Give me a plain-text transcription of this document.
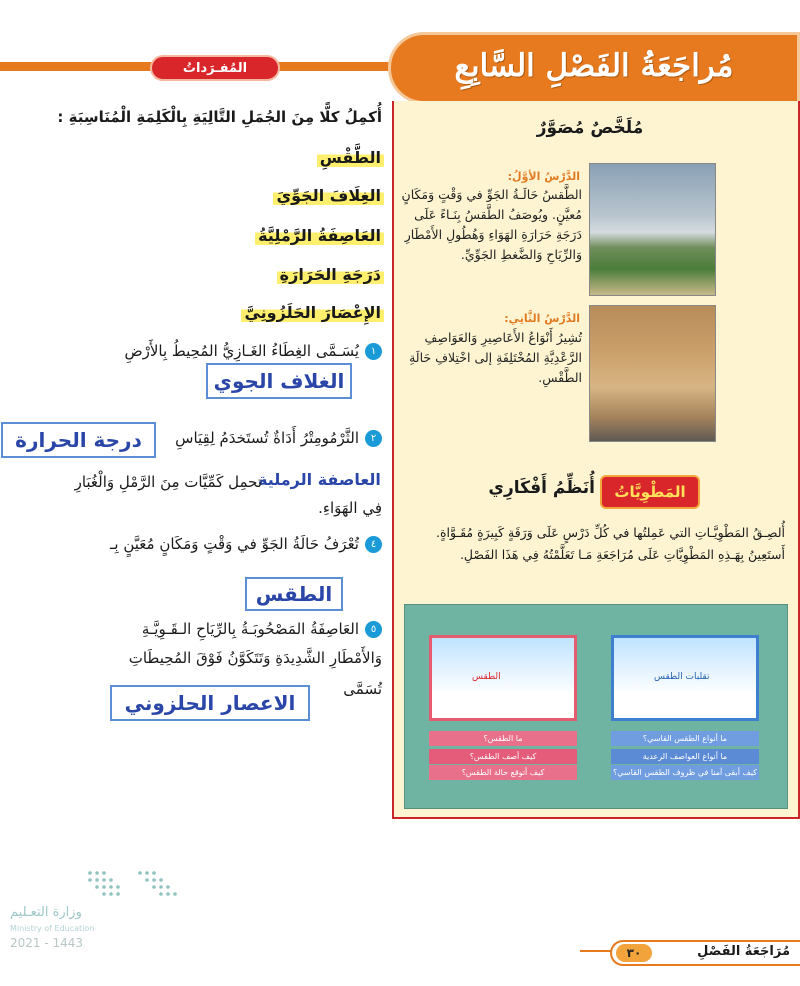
المُفـرَداتُ	مُراجَعَةُ الفَصْلِ السَّابِعِ
مُلَخَّصٌ مُصَوَّرٌ
الدَّرْسُ الأوَّلُ:
الطَّقسُ حَالَـةُ الجَوِّ في وَقْتٍ وَمَكَانٍ مُعيَّنٍ. ويُوصَفُ الطَّقسُ بِنَـاءً عَلَى دَرَجَةِ حَرَارَةِ الهَوَاءِ وَهُطُولِ الأَمْطَارِ وَالرِّيَاحِ وَالضَّغطِ الجَوِّيِّ.
الدَّرْسُ الثَّانِي:
تُشِيرُ أَنْوَاعُ الأَعَاصِيرِ وَالعَوَاصِفِ الرَّعْدِيَّةِ المُخْتَلِفَةِ إلى اخْتِلافِ حَالَةِ الطَّقْسِ.
المَطْوِيَّاتُ
أُنَظِّمُ أَفْكَارِي
أُلصِـقُ المَطْوِيَّـاتِ التي عَمِلتُها في كُلِّ دَرْسٍ عَلَى وَرَقَةٍ كَبِيرَةٍ مُقَـوَّاةٍ. أَستَعِينُ بِهَـذِهِ المَطْوِيَّاتِ عَلَى مُرَاجَعَةِ مَـا تَعَلَّمْتُهُ فِي هَذَا الفَصْلِ.
الطقس
ما الطقس؟
كيف أصف الطقس؟
كيف أتوقع حالة الطقس؟
تقلبات الطقس
ما أنواع الطقس القاسي؟
ما أنواع العواصف الرعدية
كيف أبقى آمنا في ظروف الطقس القاسي؟
أُكمِلُ كلًّا مِنَ الجُمَلِ التَّالِيَةِ بِالْكَلِمَةِ الْمُنَاسِبَةِ :
الطَّقْسِ
الغِلَافَ الجَوِّيَ
العَاصِفَةُ الرَّمْلِيَّةُ
دَرَجَةِ الحَرَارَةِ
الإِعْصَارَ الحَلَزُونِيَّ
١يُسَـمَّى الغِطَاءُ الغَـازِيُّ المُحِيطُ بِالأَرْضِ
الغلاف الجوي
٢الثَّرْمُومِتْرُ أَدَاةٌ تُستَخدَمُ لِقِيَاسِ
درجة الحرارة
العاصفة الرملية
تحمِل كَمِّيَّات مِنَ الرَّمْلِ وَالْغُبَارِ
فِي الهَوَاءِ.
٤تُعْرَفُ حَالَةُ الجَوِّ في وَقْتٍ وَمَكَانٍ مُعَيَّنٍ بِـ
الطقس
٥العَاصِفَةُ المَصْحُوبَـةُ بِالرِّيَاحِ الـقَـوِيَّـةِ
وَالأَمْطَارِ الشَّدِيدَةِ وَتَتَكَوَّنُ فَوْقَ المُحِيطَاتِ
تُسَمَّى
الاعصار الحلزوني
وزارة التعـليم
Ministry of Education
2021 - 1443
٣٠	مُرَاجَعَةُ الفَصْلِ
